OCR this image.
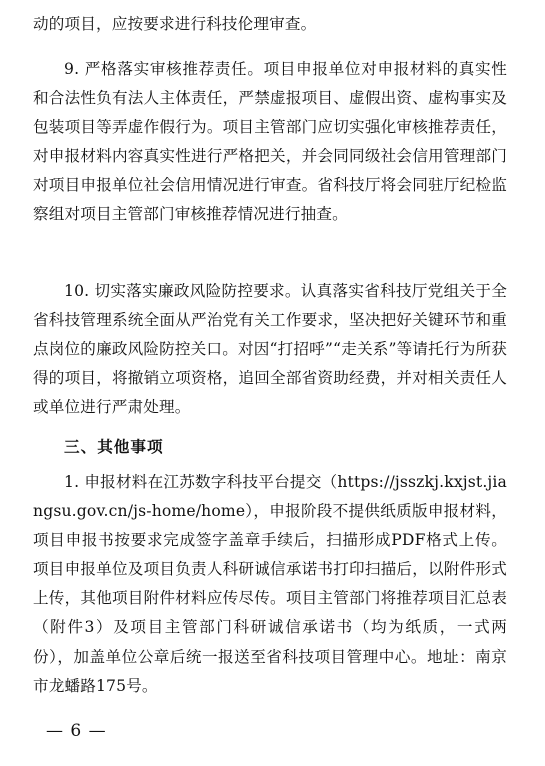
动的项目，应按要求进行科技伦理审查。

9. 严格落实审核推荐责任。项目申报单位对申报材料的真实性和合法性负有法人主体责任，严禁虚报项目、虚假出资、虚构事实及包装项目等弄虚作假行为。项目主管部门应切实强化审核推荐责任，对申报材料内容真实性进行严格把关，并会同同级社会信用管理部门对项目申报单位社会信用情况进行审查。省科技厅将会同驻厅纪检监察组对项目主管部门审核推荐情况进行抽查。

10. 切实落实廉政风险防控要求。认真落实省科技厅党组关于全省科技管理系统全面从严治党有关工作要求，坚决把好关键环节和重点岗位的廉政风险防控关口。对因“打招呼”“走关系”等请托行为所获得的项目，将撤销立项资格，追回全部省资助经费，并对相关责任人或单位进行严肃处理。

三、其他事项

1. 申报材料在江苏数字科技平台提交（https://jsszkj.kxjst.jiangsu.gov.cn/js-home/home），申报阶段不提供纸质版申报材料，项目申报书按要求完成签字盖章手续后，扫描形成PDF格式上传。项目申报单位及项目负责人科研诚信承诺书打印扫描后，以附件形式上传，其他项目附件材料应传尽传。项目主管部门将推荐项目汇总表（附件3）及项目主管部门科研诚信承诺书（均为纸质，一式两份），加盖单位公章后统一报送至省科技项目管理中心。地址：南京市龙蟠路175号。

— 6 —
